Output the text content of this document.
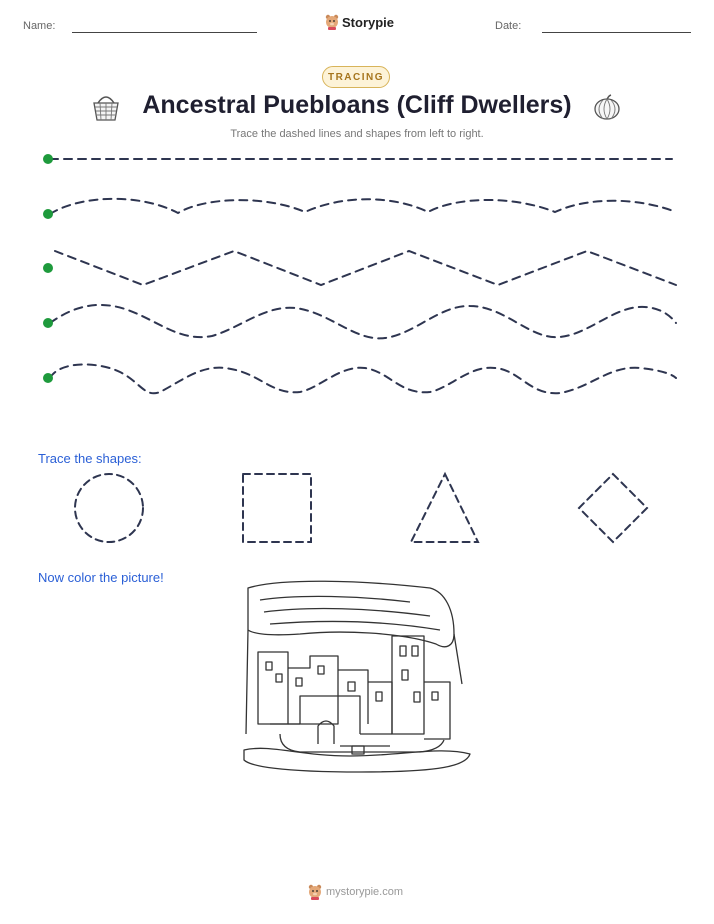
Name:	Storypie	Date:
TRACING
Ancestral Puebloans (Cliff Dwellers)
Trace the dashed lines and shapes from left to right.
Trace the shapes:
Now color the picture!
mystorypie.com
